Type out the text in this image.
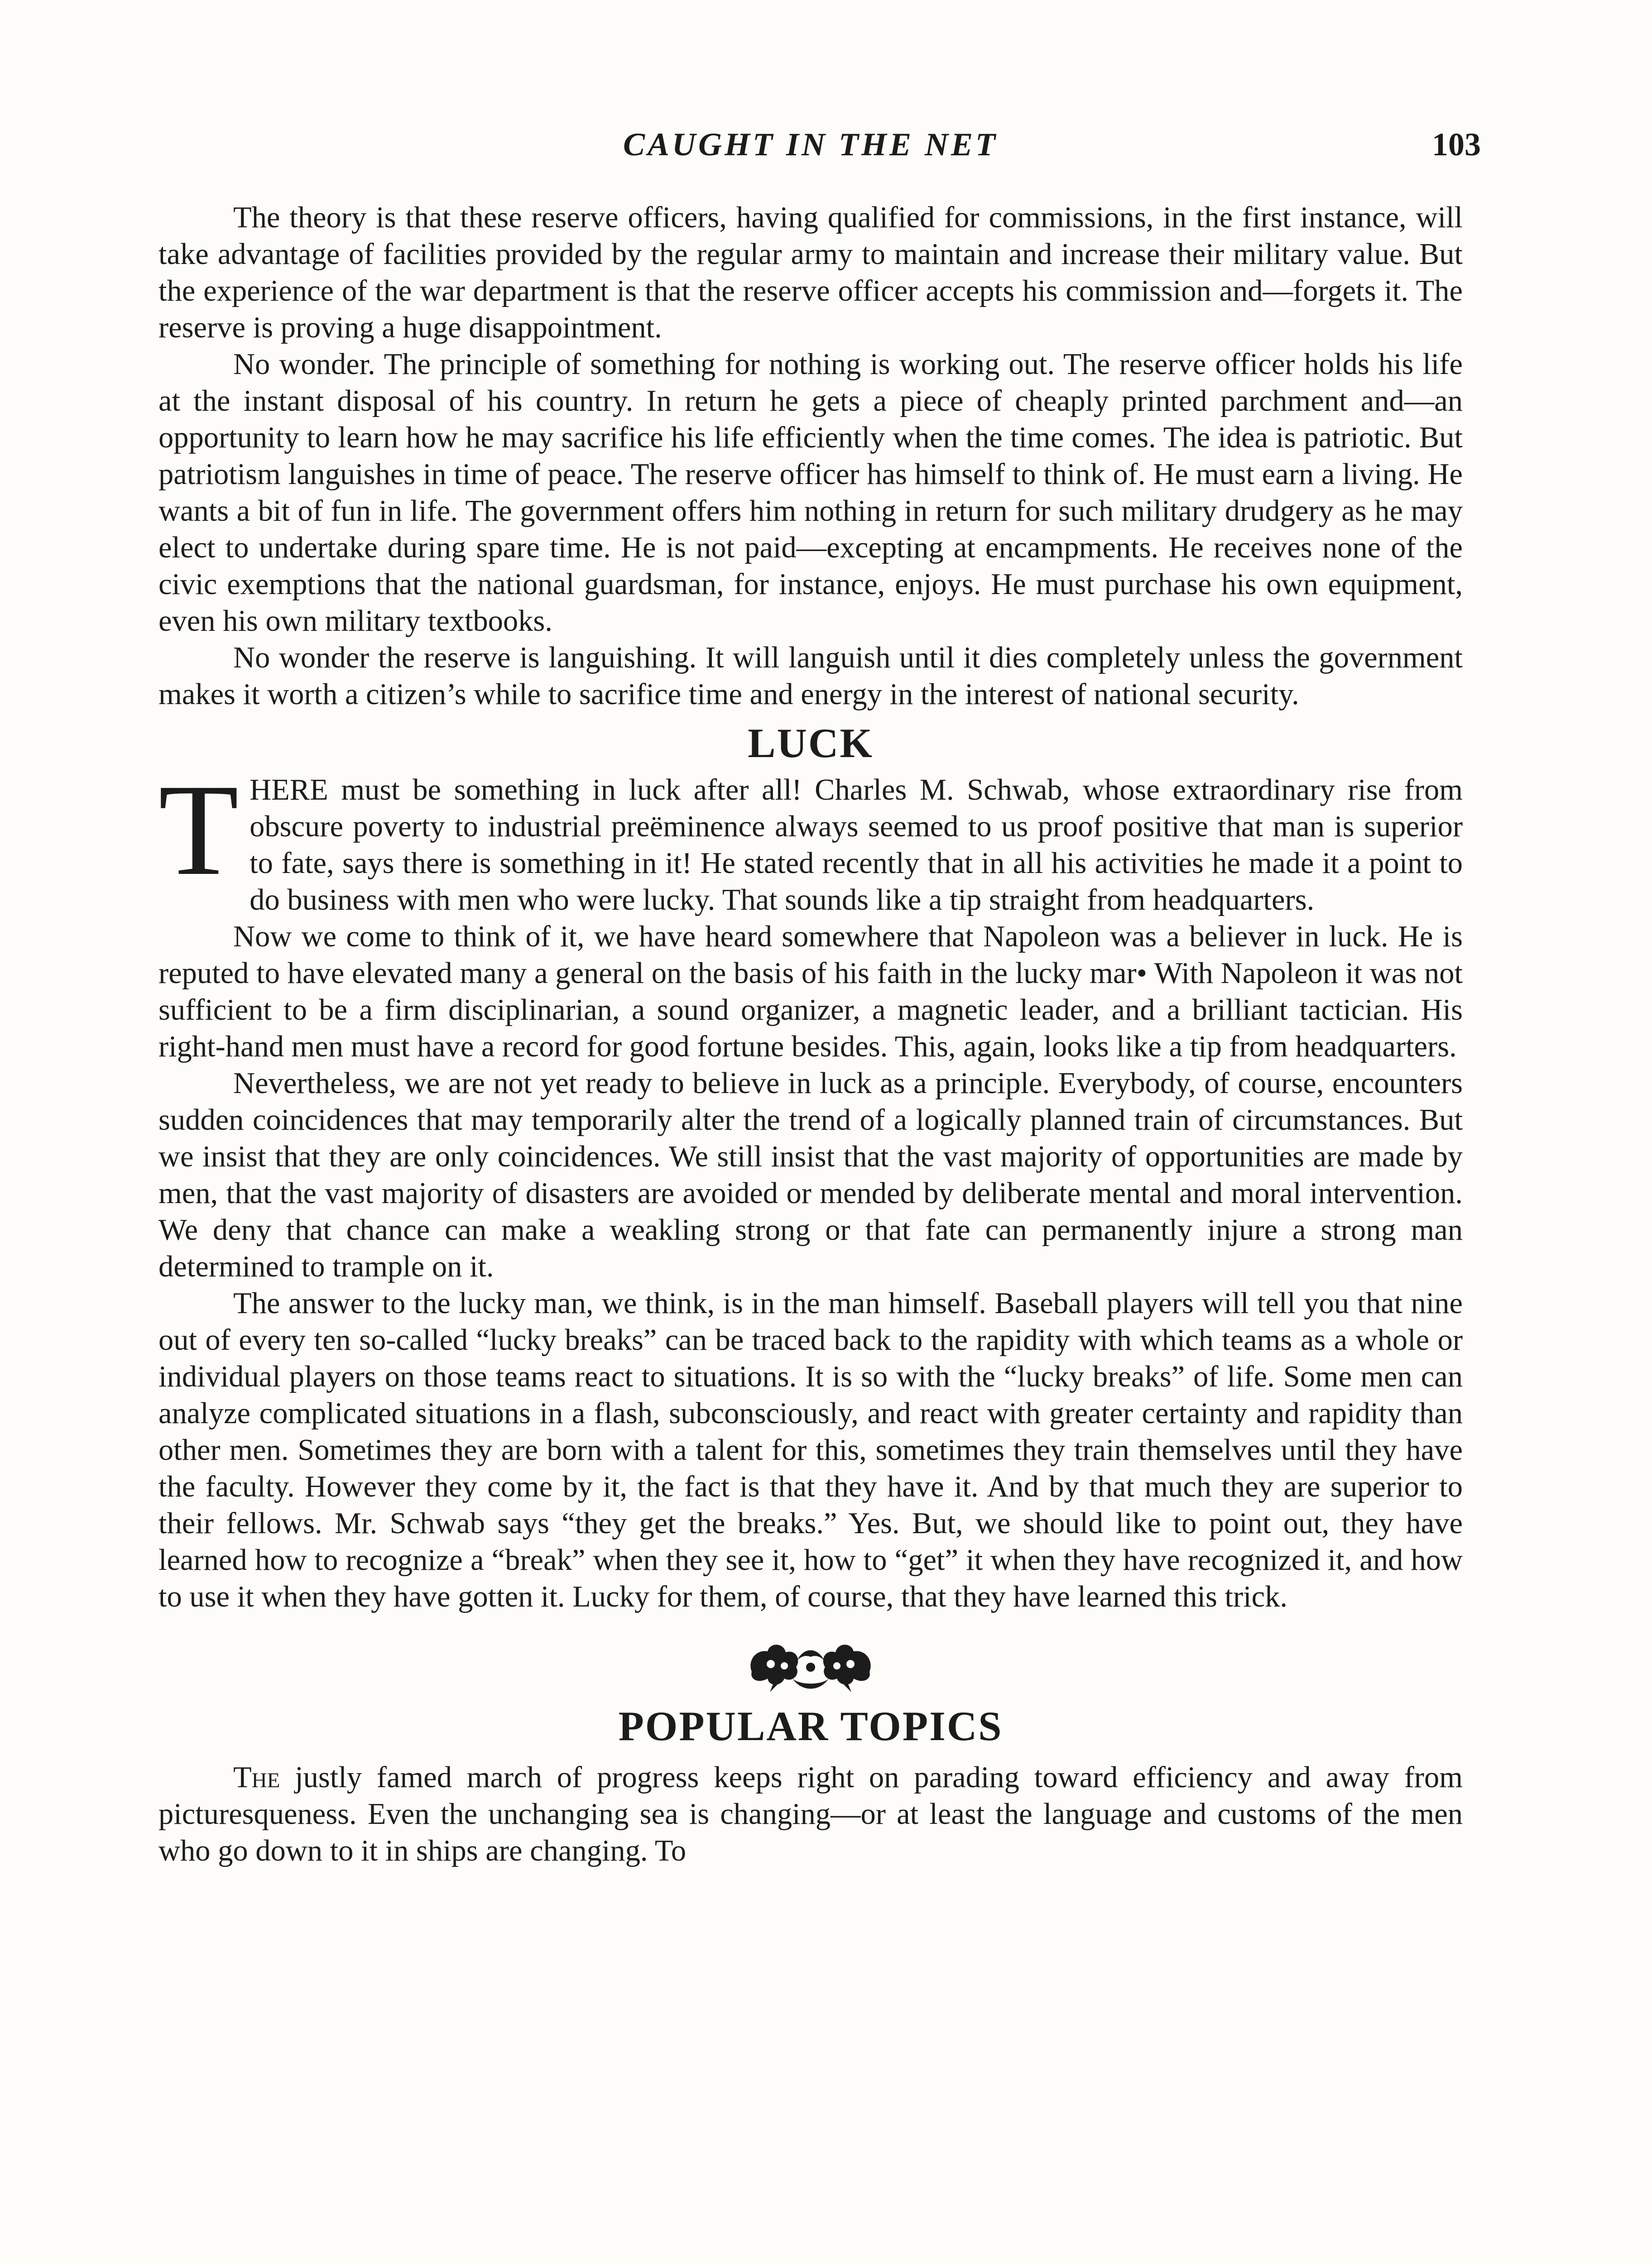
CAUGHT IN THE NET	103

The theory is that these reserve officers, having qualified for commissions, in the first instance, will take advantage of facilities provided by the regular army to maintain and increase their military value. But the experience of the war department is that the reserve officer accepts his commission and—forgets it. The reserve is proving a huge disappointment.

No wonder. The principle of something for nothing is working out. The reserve officer holds his life at the instant disposal of his country. In return he gets a piece of cheaply printed parchment and—an opportunity to learn how he may sacrifice his life efficiently when the time comes. The idea is patriotic. But patriotism languishes in time of peace. The reserve officer has himself to think of. He must earn a living. He wants a bit of fun in life. The government offers him nothing in return for such military drudgery as he may elect to undertake during spare time. He is not paid—excepting at encampments. He receives none of the civic exemptions that the national guardsman, for instance, enjoys. He must purchase his own equipment, even his own military textbooks.

No wonder the reserve is languishing. It will languish until it dies completely unless the government makes it worth a citizen’s while to sacrifice time and energy in the interest of national security.

LUCK

THERE must be something in luck after all! Charles M. Schwab, whose extraordinary rise from obscure poverty to industrial preëminence always seemed to us proof positive that man is superior to fate, says there is something in it! He stated recently that in all his activities he made it a point to do business with men who were lucky. That sounds like a tip straight from headquarters.

Now we come to think of it, we have heard somewhere that Napoleon was a believer in luck. He is reputed to have elevated many a general on the basis of his faith in the lucky mar• With Napoleon it was not sufficient to be a firm disciplinarian, a sound organizer, a magnetic leader, and a brilliant tactician. His right-hand men must have a record for good fortune besides. This, again, looks like a tip from headquarters.

Nevertheless, we are not yet ready to believe in luck as a principle. Everybody, of course, encounters sudden coincidences that may temporarily alter the trend of a logically planned train of circumstances. But we insist that they are only coincidences. We still insist that the vast majority of opportunities are made by men, that the vast majority of disasters are avoided or mended by deliberate mental and moral intervention. We deny that chance can make a weakling strong or that fate can permanently injure a strong man determined to trample on it.

The answer to the lucky man, we think, is in the man himself. Baseball players will tell you that nine out of every ten so-called “lucky breaks” can be traced back to the rapidity with which teams as a whole or individual players on those teams react to situations. It is so with the “lucky breaks” of life. Some men can analyze complicated situations in a flash, subconsciously, and react with greater certainty and rapidity than other men. Sometimes they are born with a talent for this, sometimes they train themselves until they have the faculty. However they come by it, the fact is that they have it. And by that much they are superior to their fellows. Mr. Schwab says “they get the breaks.” Yes. But, we should like to point out, they have learned how to recognize a “break” when they see it, how to “get” it when they have recognized it, and how to use it when they have gotten it. Lucky for them, of course, that they have learned this trick.

POPULAR TOPICS

The justly famed march of progress keeps right on parading toward efficiency and away from picturesqueness. Even the unchanging sea is changing—or at least the language and customs of the men who go down to it in ships are changing. To
